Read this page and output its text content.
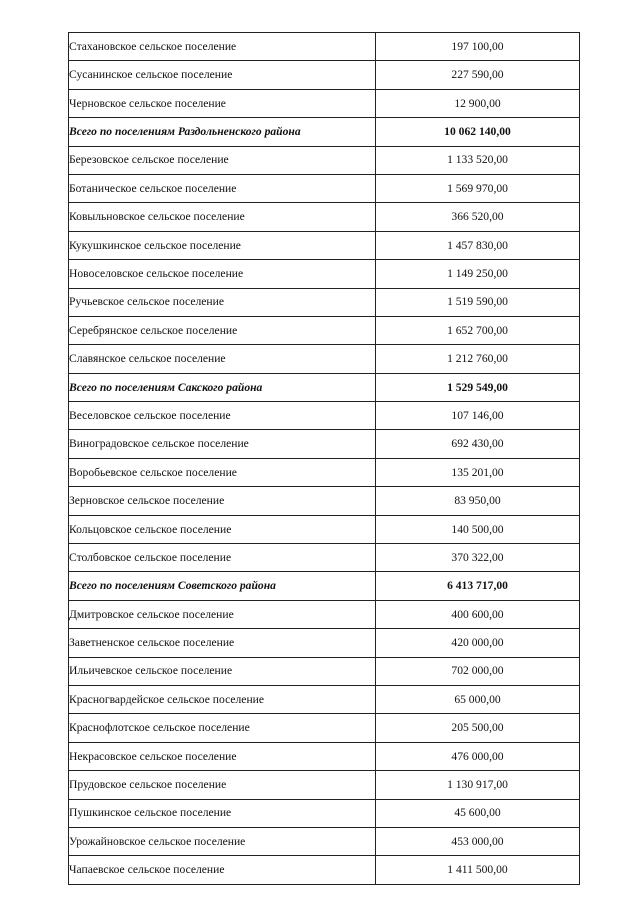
Стахановское сельское поселение	197 100,00
Сусанинское сельское поселение	227 590,00
Черновское сельское поселение	12 900,00
Всего по поселениям Раздольненского района	10 062 140,00
Березовское сельское поселение	1 133 520,00
Ботаническое сельское поселение	1 569 970,00
Ковыльновское сельское поселение	366 520,00
Кукушкинское сельское поселение	1 457 830,00
Новоселовское сельское поселение	1 149 250,00
Ручьевское сельское поселение	1 519 590,00
Серебрянское сельское поселение	1 652 700,00
Славянское сельское поселение	1 212 760,00
Всего по поселениям Сакского района	1 529 549,00
Веселовское сельское поселение	107 146,00
Виноградовское сельское поселение	692 430,00
Воробьевское сельское поселение	135 201,00
Зерновское сельское поселение	83 950,00
Кольцовское сельское поселение	140 500,00
Столбовское сельское поселение	370 322,00
Всего по поселениям Советского района	6 413 717,00
Дмитровское сельское поселение	400 600,00
Заветненское сельское поселение	420 000,00
Ильичевское сельское поселение	702 000,00
Красногвардейское сельское поселение	65 000,00
Краснофлотское сельское поселение	205 500,00
Некрасовское сельское поселение	476 000,00
Прудовское сельское поселение	1 130 917,00
Пушкинское сельское поселение	45 600,00
Урожайновское сельское поселение	453 000,00
Чапаевское сельское поселение	1 411 500,00
